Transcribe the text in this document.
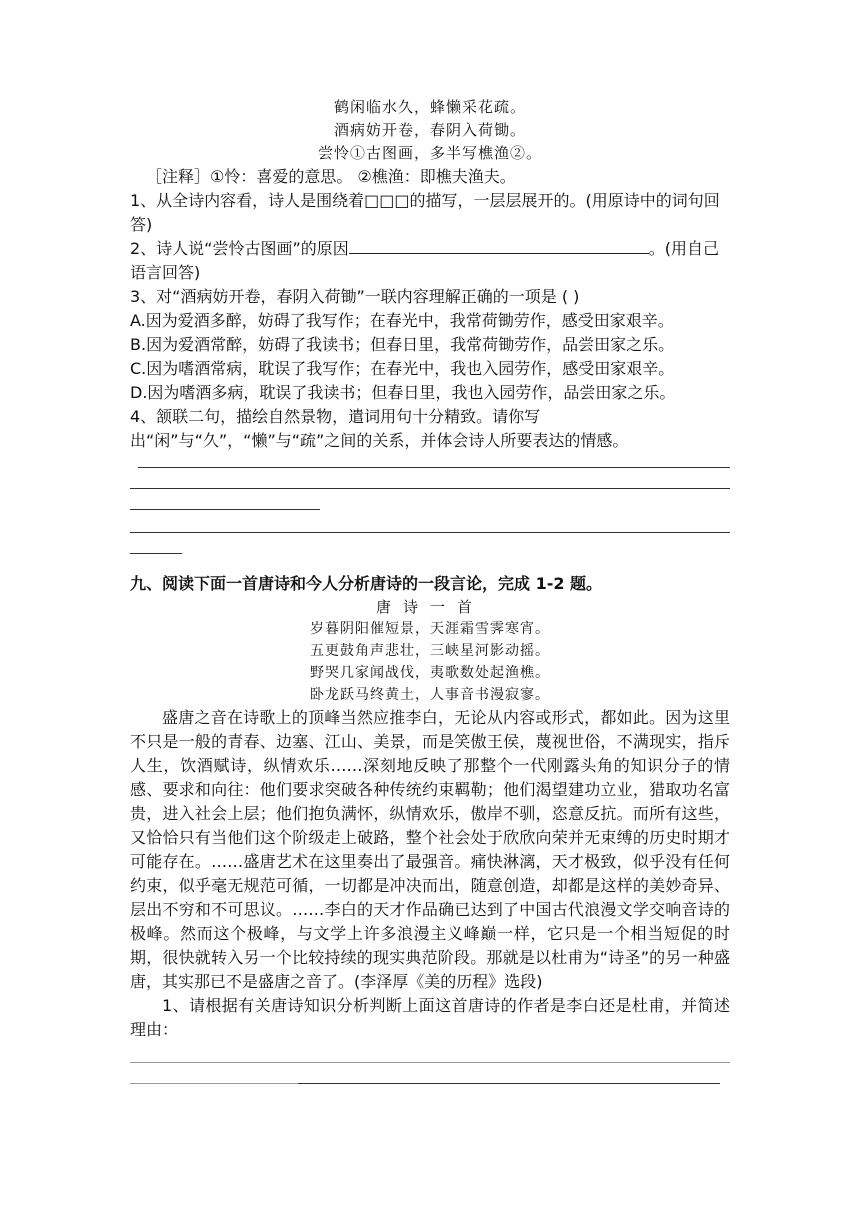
鹤闲临水久，蜂懒采花疏。
酒病妨开卷，春阴入荷锄。
尝怜①古图画，多半写樵渔②。
［注释］①怜：喜爱的意思。 ②樵渔：即樵夫渔夫。
1、从全诗内容看，诗人是围绕着□□□的描写，一层层展开的。(用原诗中的词句回答)
2、诗人说“尝怜古图画”的原因	。(用自己语言回答)
3、对“酒病妨开卷，春阴入荷锄”一联内容理解正确的一项是 ( )
A.因为爱酒多醉，妨碍了我写作；在春光中，我常荷锄劳作，感受田家艰辛。
B.因为爱酒常醉，妨碍了我读书；但春日里，我常荷锄劳作，品尝田家之乐。
C.因为嗜酒常病，耽误了我写作；在春光中，我也入园劳作，感受田家艰辛。
D.因为嗜酒多病，耽误了我读书；但春日里，我也入园劳作，品尝田家之乐。
4、颔联二句，描绘自然景物，遣词用句十分精致。请你写出“闲”与“久”，“懒”与“疏”之间的关系，并体会诗人所要表达的情感。
九、阅读下面一首唐诗和今人分析唐诗的一段言论，完成 1-2 题。
唐诗一首
岁暮阴阳催短景，天涯霜雪霁寒宵。
五更鼓角声悲壮，三峡星河影动摇。
野哭几家闻战伐，夷歌数处起渔樵。
卧龙跃马终黄土，人事音书漫寂寥。
盛唐之音在诗歌上的顶峰当然应推李白，无论从内容或形式，都如此。因为这里不只是一般的青春、边塞、江山、美景，而是笑傲王侯，蔑视世俗，不满现实，指斥人生，饮酒赋诗，纵情欢乐……深刻地反映了那整个一代刚露头角的知识分子的情感、要求和向往：他们要求突破各种传统约束羁勒；他们渴望建功立业，猎取功名富贵，进入社会上层；他们抱负满怀，纵情欢乐，傲岸不驯，恣意反抗。而所有这些，又恰恰只有当他们这个阶级走上破路，整个社会处于欣欣向荣并无束缚的历史时期才可能存在。……盛唐艺术在这里奏出了最强音。痛快淋漓，天才极致，似乎没有任何约束，似乎毫无规范可循，一切都是冲决而出，随意创造，却都是这样的美妙奇异、层出不穷和不可思议。……李白的天才作品确已达到了中国古代浪漫文学交响音诗的极峰。然而这个极峰，与文学上许多浪漫主义峰巅一样，它只是一个相当短促的时期，很快就转入另一个比较持续的现实典范阶段。那就是以杜甫为“诗圣”的另一种盛唐，其实那已不是盛唐之音了。(李泽厚《美的历程》选段)
1、请根据有关唐诗知识分析判断上面这首唐诗的作者是李白还是杜甫，并简述理由：
